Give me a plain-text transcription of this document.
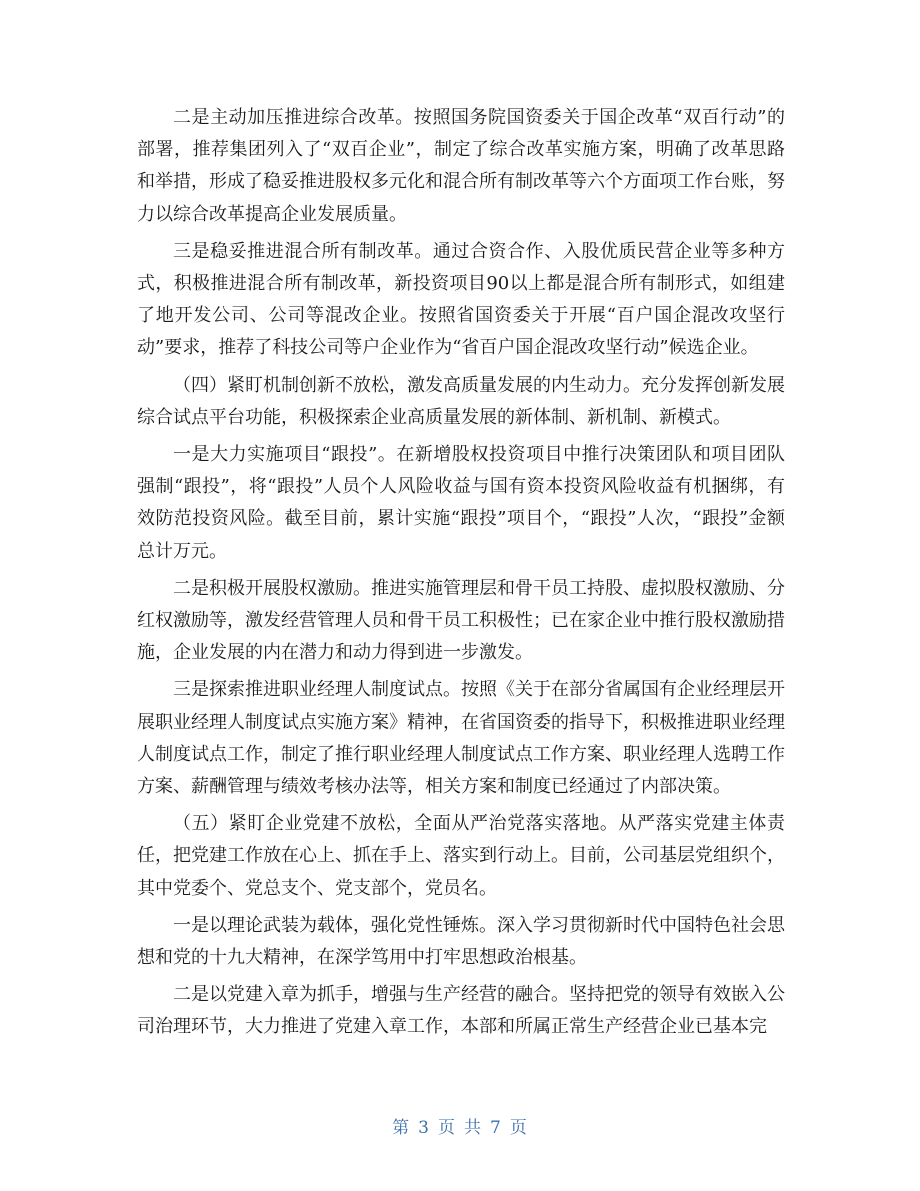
二是主动加压推进综合改革。按照国务院国资委关于国企改革“双百行动”的部署，推荐集团列入了“双百企业”，制定了综合改革实施方案，明确了改革思路和举措，形成了稳妥推进股权多元化和混合所有制改革等六个方面项工作台账，努力以综合改革提高企业发展质量。

三是稳妥推进混合所有制改革。通过合资合作、入股优质民营企业等多种方式，积极推进混合所有制改革，新投资项目90以上都是混合所有制形式，如组建了地开发公司、公司等混改企业。按照省国资委关于开展“百户国企混改攻坚行动”要求，推荐了科技公司等户企业作为“省百户国企混改攻坚行动”候选企业。

（四）紧盯机制创新不放松，激发高质量发展的内生动力。充分发挥创新发展综合试点平台功能，积极探索企业高质量发展的新体制、新机制、新模式。

一是大力实施项目“跟投”。在新增股权投资项目中推行决策团队和项目团队强制“跟投”，将“跟投”人员个人风险收益与国有资本投资风险收益有机捆绑，有效防范投资风险。截至目前，累计实施“跟投”项目个，“跟投”人次，“跟投”金额总计万元。

二是积极开展股权激励。推进实施管理层和骨干员工持股、虚拟股权激励、分红权激励等，激发经营管理人员和骨干员工积极性；已在家企业中推行股权激励措施，企业发展的内在潜力和动力得到进一步激发。

三是探索推进职业经理人制度试点。按照《关于在部分省属国有企业经理层开展职业经理人制度试点实施方案》精神，在省国资委的指导下，积极推进职业经理人制度试点工作，制定了推行职业经理人制度试点工作方案、职业经理人选聘工作方案、薪酬管理与绩效考核办法等，相关方案和制度已经通过了内部决策。

（五）紧盯企业党建不放松，全面从严治党落实落地。从严落实党建主体责任，把党建工作放在心上、抓在手上、落实到行动上。目前，公司基层党组织个，其中党委个、党总支个、党支部个，党员名。

一是以理论武装为载体，强化党性锤炼。深入学习贯彻新时代中国特色社会思想和党的十九大精神，在深学笃用中打牢思想政治根基。

二是以党建入章为抓手，增强与生产经营的融合。坚持把党的领导有效嵌入公司治理环节，大力推进了党建入章工作，本部和所属正常生产经营企业已基本完

第 3 页 共 7 页
